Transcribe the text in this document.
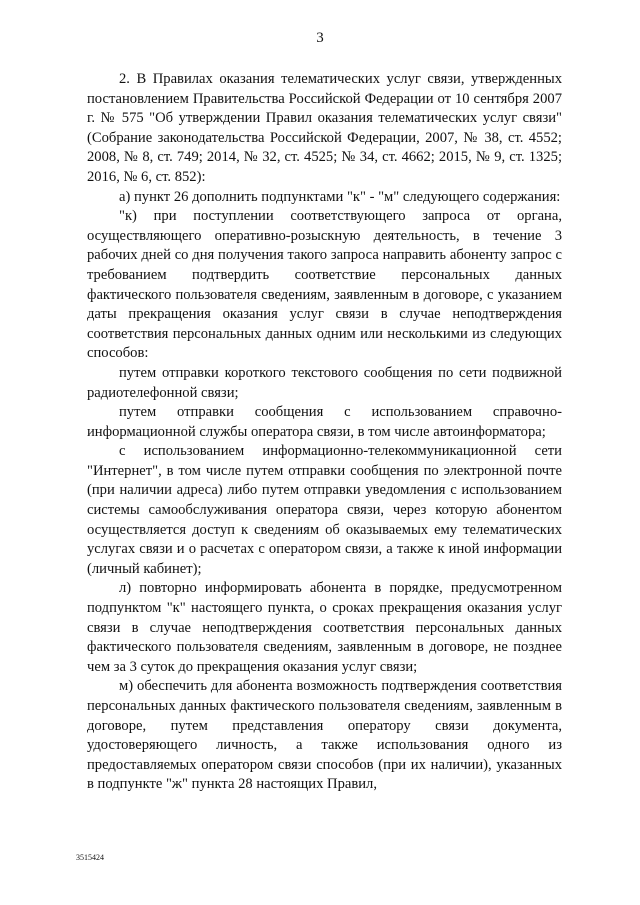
3

2. В Правилах оказания телематических услуг связи, утвержденных постановлением Правительства Российской Федерации от 10 сентября 2007 г. № 575 "Об утверждении Правил оказания телематических услуг связи" (Собрание законодательства Российской Федерации, 2007, № 38, ст. 4552; 2008, № 8, ст. 749; 2014, № 32, ст. 4525; № 34, ст. 4662; 2015, № 9, ст. 1325; 2016, № 6, ст. 852):

а) пункт 26 дополнить подпунктами "к" - "м" следующего содержания:

"к) при поступлении соответствующего запроса от органа, осуществляющего оперативно-розыскную деятельность, в течение 3 рабочих дней со дня получения такого запроса направить абоненту запрос с требованием подтвердить соответствие персональных данных фактического пользователя сведениям, заявленным в договоре, с указанием даты прекращения оказания услуг связи в случае неподтверждения соответствия персональных данных одним или несколькими из следующих способов:

путем отправки короткого текстового сообщения по сети подвижной радиотелефонной связи;

путем отправки сообщения с использованием справочно-информационной службы оператора связи, в том числе автоинформатора;

с использованием информационно-телекоммуникационной сети "Интернет", в том числе путем отправки сообщения по электронной почте (при наличии адреса) либо путем отправки уведомления с использованием системы самообслуживания оператора связи, через которую абонентом осуществляется доступ к сведениям об оказываемых ему телематических услугах связи и о расчетах с оператором связи, а также к иной информации (личный кабинет);

л) повторно информировать абонента в порядке, предусмотренном подпунктом "к" настоящего пункта, о сроках прекращения оказания услуг связи в случае неподтверждения соответствия персональных данных фактического пользователя сведениям, заявленным в договоре, не позднее чем за 3 суток до прекращения оказания услуг связи;

м) обеспечить для абонента возможность подтверждения соответствия персональных данных фактического пользователя сведениям, заявленным в договоре, путем представления оператору связи документа, удостоверяющего личность, а также использования одного из предоставляемых оператором связи способов (при их наличии), указанных в подпункте "ж" пункта 28 настоящих Правил,

3515424
